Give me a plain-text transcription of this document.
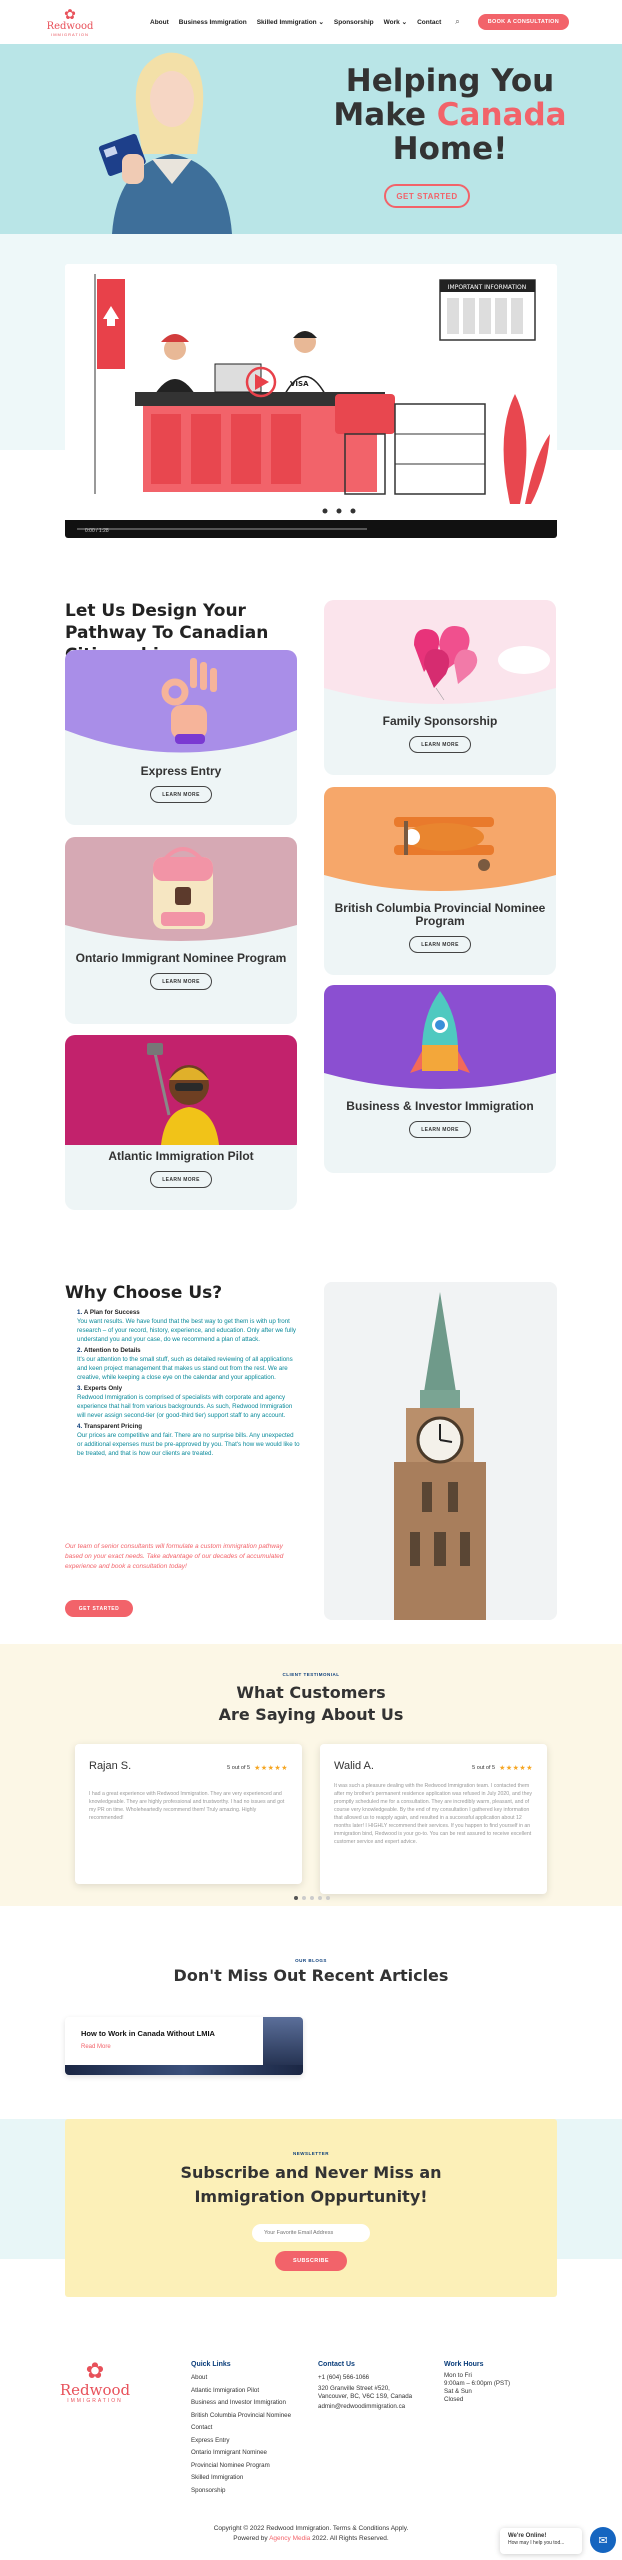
✿
Redwood
IMMIGRATION
About Business Immigration Skilled Immigration ⌄ Sponsorship Work ⌄ Contact ⌕	BOOK A CONSULTATION
Helping You
Make Canada
Home!
GET STARTED
IMPORTANT INFORMATION
VISA
0:00 / 1:28
Let Us Design Your Pathway To Canadian
Express Entry
LEARN MORE
Family Sponsorship
LEARN MORE
Ontario Immigrant Nominee Program
LEARN MORE
British Columbia Provincial Nominee Program
LEARN MORE
Atlantic Immigration Pilot
LEARN MORE
Business & Investor Immigration
LEARN MORE
Why Choose Us?
1. A Plan for Success
You want results. We have found that the best way to get them is with up front research – of your record, history, experience, and education. Only after we fully understand you and your case, do we recommend a plan of attack.
2. Attention to Details
It's our attention to the small stuff, such as detailed reviewing of all applications and keen project management that makes us stand out from the rest. We are creative, while keeping a close eye on the calendar and your application.
3. Experts Only
Redwood Immigration is comprised of specialists with corporate and agency experience that hail from various backgrounds. As such, Redwood Immigration will never assign second-tier (or good-third tier) support staff to any account.
4. Transparent Pricing
Our prices are competitive and fair. There are no surprise bills. Any unexpected or additional expenses must be pre-approved by you. That's how we would like to be treated, and that is how our clients are treated.
Our team of senior consultants will formulate a custom immigration pathway based on your exact needs. Take advantage of our decades of accumulated experience and book a consultation today!
GET STARTED
CLIENT TESTIMONIAL
What Customers
Are Saying About Us
Rajan S.	5 out of 5 ★★★★★
I had a great experience with Redwood Immigration. They are very experienced and knowledgeable. They are highly professional and trustworthy. I had no issues and got my PR on time. Wholeheartedly recommend them! Truly amazing. Highly recommended!
Walid A.	5 out of 5 ★★★★★
It was such a pleasure dealing with the Redwood Immigration team. I contacted them after my brother's permanent residence application was refused in July 2020, and they promptly scheduled me for a consultation. They are incredibly warm, pleasant, and of course very knowledgeable. By the end of my consultation I gathered key information that allowed us to reapply again, and resulted in a successful application about 12 months later! I HIGHLY recommend their services. If you happen to find yourself in an immigration bind, Redwood is your go-to. You can be rest assured to receive excellent customer service and expert advice.
OUR BLOGS
Don't Miss Out Recent Articles
How to Work in Canada Without LMIA
Read More
NEWSLETTER
Subscribe and Never Miss an
Immigration Oppurtunity!
Your Favorite Email Address
SUBSCRIBE
✿
Redwood
IMMIGRATION
Quick Links
About
Atlantic Immigration Pilot
Business and Investor Immigration
British Columbia Provincial Nominee
Contact
Express Entry
Ontario Immigrant Nominee
Provincial Nominee Program
Skilled Immigration
Sponsorship
Contact Us
+1 (604) 566-1066
320 Granville Street #520,
Vancouver, BC, V6C 1S9, Canada
admin@redwoodimmigration.ca
Work Hours
Mon to Fri
9:00am – 6:00pm (PST)
Sat & Sun
Closed
Copyright © 2022 Redwood Immigration. Terms & Conditions Apply.
Powered by Agency Media 2022. All Rights Reserved.	We're Online!
How may I help you tod...	✉
